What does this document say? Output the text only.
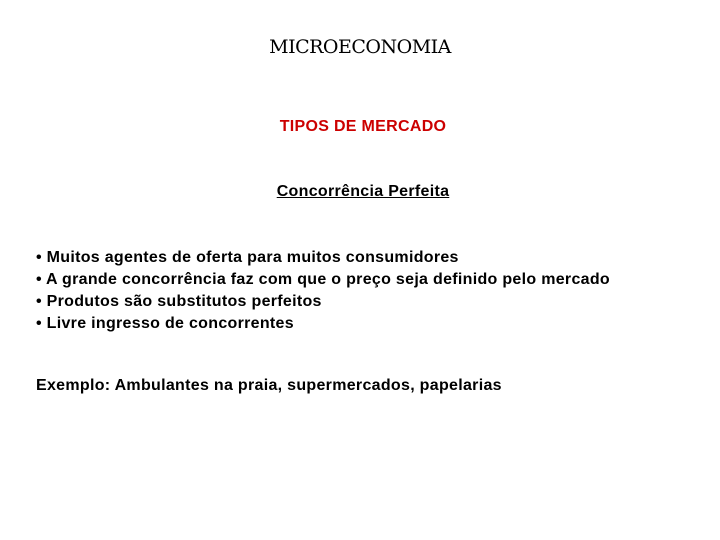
MICROECONOMIA
TIPOS DE MERCADO
Concorrência Perfeita
• Muitos agentes de oferta para muitos consumidores
• A grande concorrência faz com que o preço seja definido pelo mercado
• Produtos são substitutos perfeitos
• Livre ingresso de concorrentes
Exemplo: Ambulantes na praia, supermercados, papelarias
